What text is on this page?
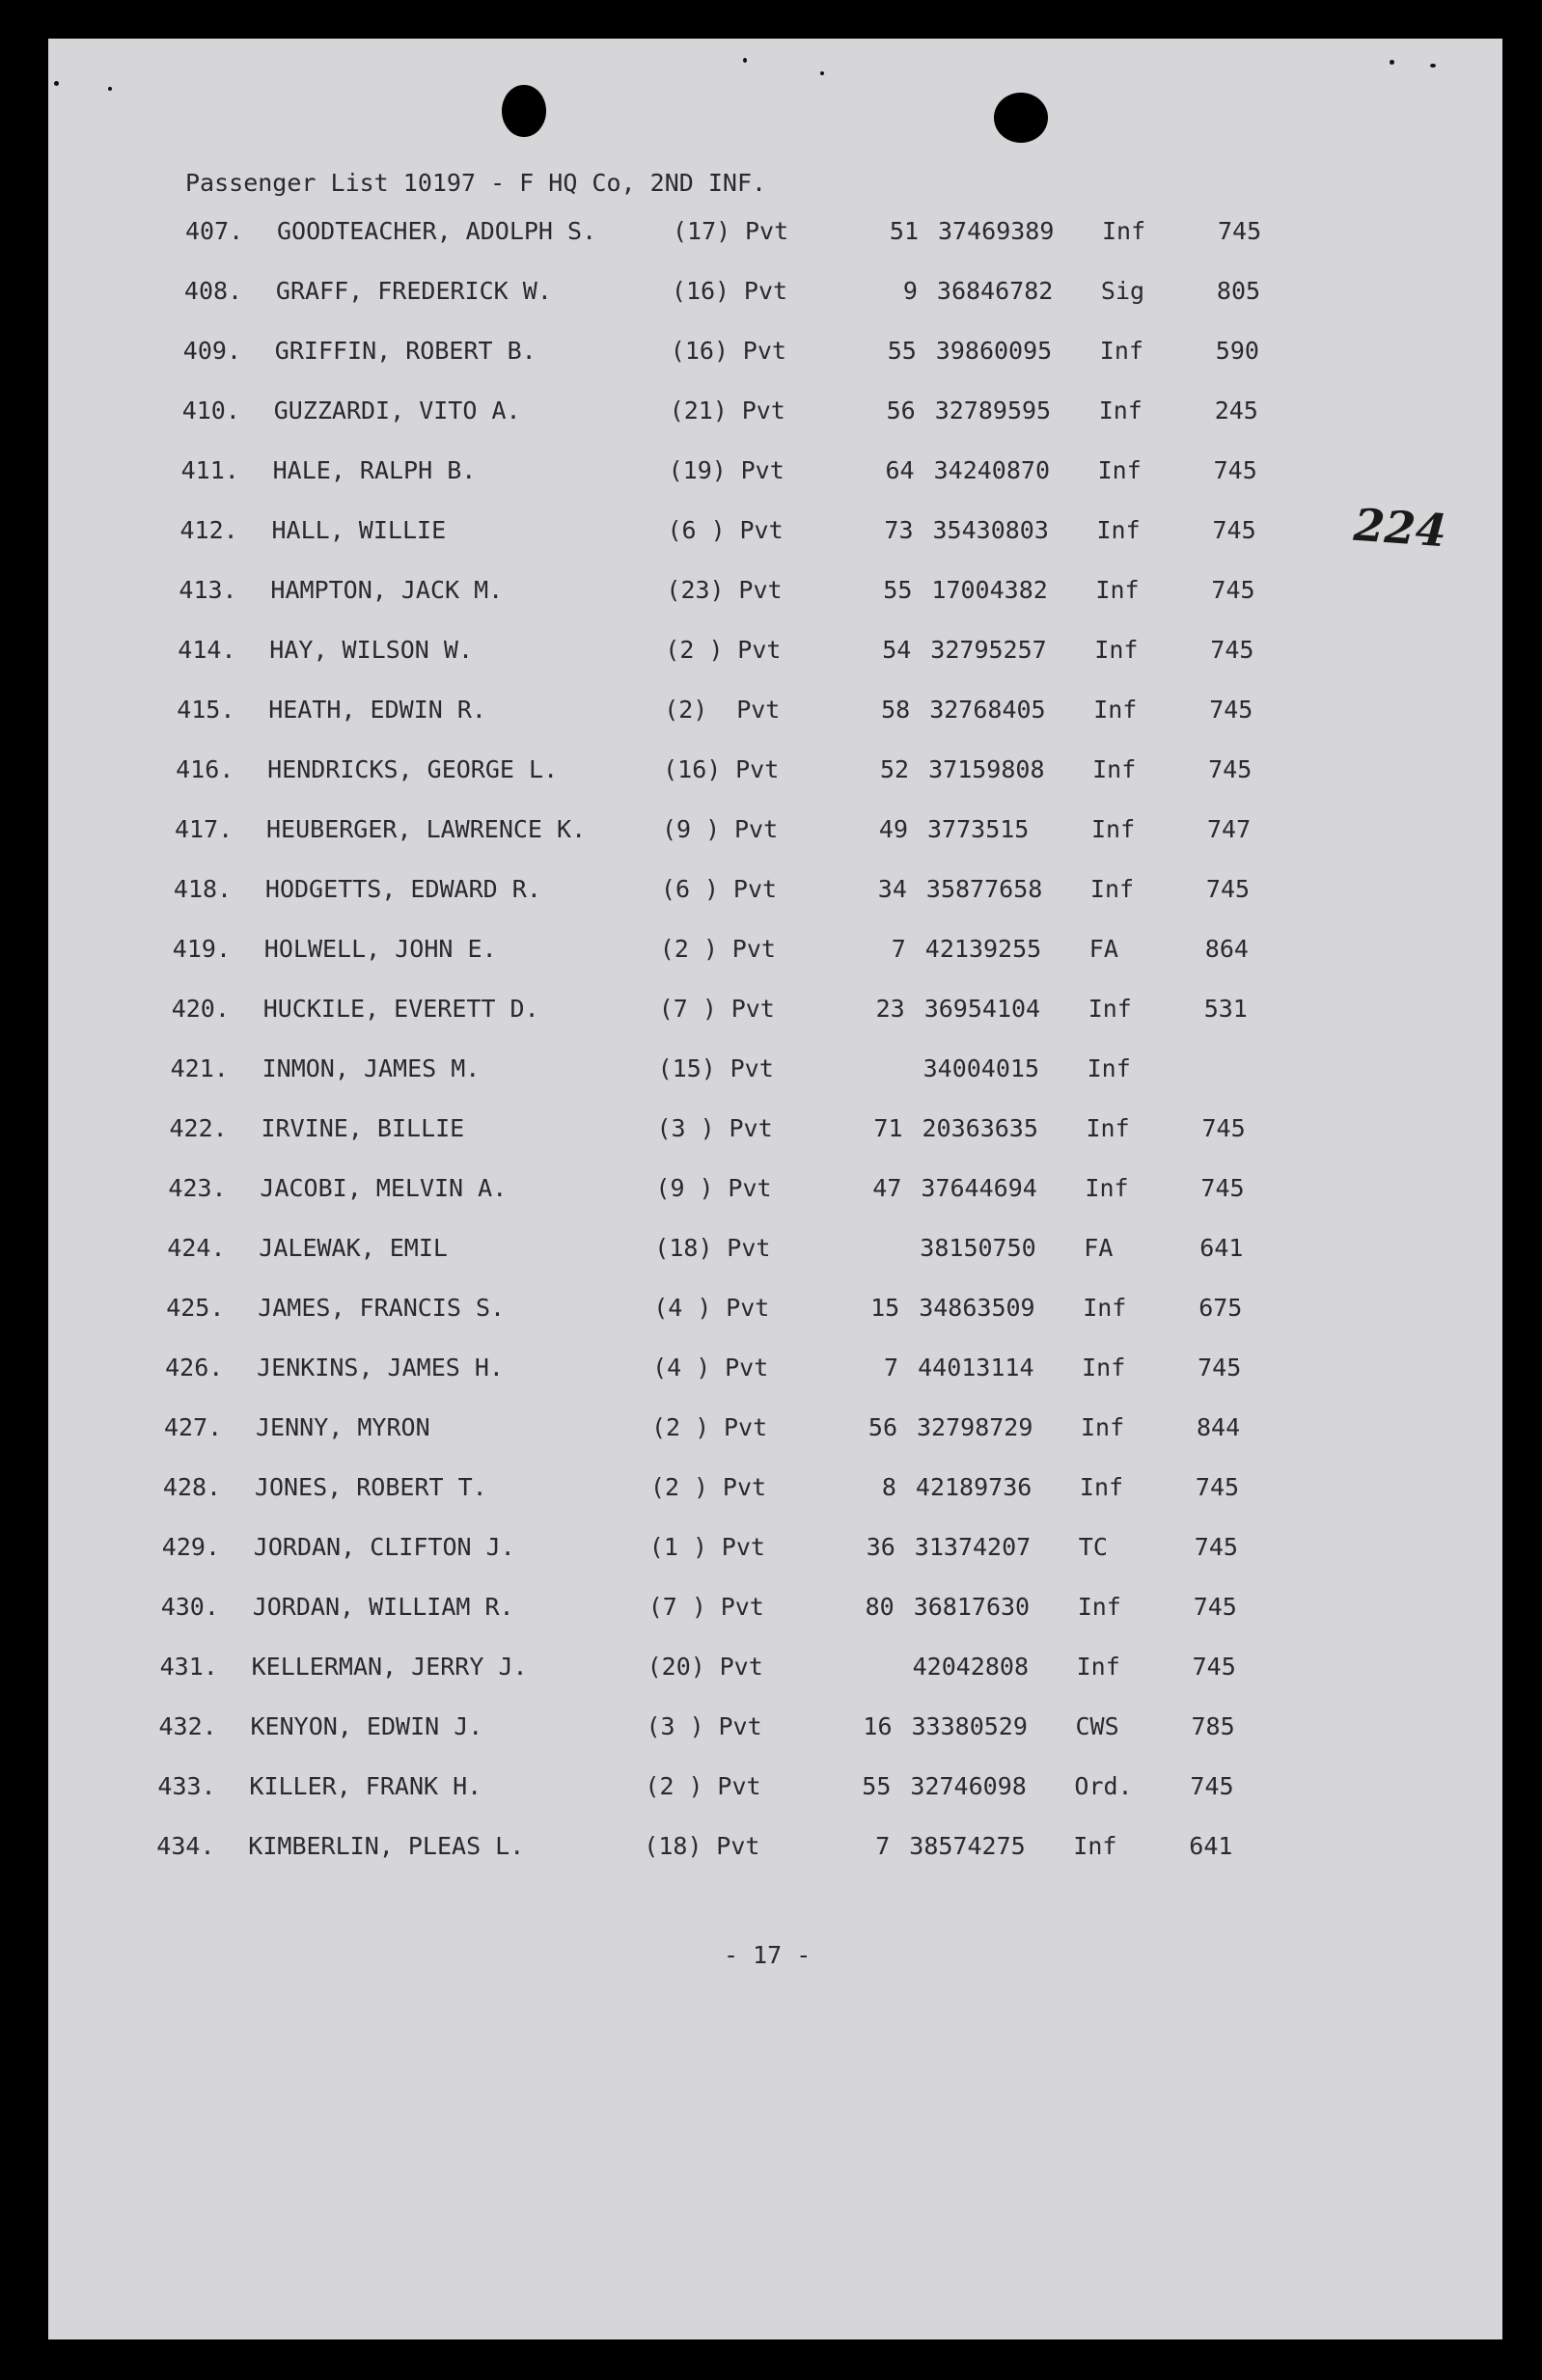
Passenger List 10197 - F HQ Co, 2ND INF.
224
407. GOODTEACHER, ADOLPH S.	(17) Pvt	51 37469389 Inf	745
408. GRAFF, FREDERICK W.	(16) Pvt	9 36846782 Sig	805
409. GRIFFIN, ROBERT B.	(16) Pvt	55 39860095 Inf	590
410. GUZZARDI, VITO A.	(21) Pvt	56 32789595 Inf	245
411. HALE, RALPH B.	(19) Pvt	64 34240870 Inf	745
412. HALL, WILLIE	(6 ) Pvt	73 35430803 Inf	745
413. HAMPTON, JACK M.	(23) Pvt	55 17004382 Inf	745
414. HAY, WILSON W.	(2 ) Pvt	54 32795257 Inf	745
415. HEATH, EDWIN R.	(2) Pvt	58 32768405 Inf	745
416. HENDRICKS, GEORGE L.	(16) Pvt	52 37159808 Inf	745
417. HEUBERGER, LAWRENCE K.	(9 ) Pvt	49 3773515	Inf	747
418. HODGETTS, EDWARD R.	(6 ) Pvt	34 35877658 Inf	745
419. HOLWELL, JOHN E.	(2 ) Pvt	7 42139255 FA	864
420. HUCKILE, EVERETT D.	(7 ) Pvt	23 36954104 Inf	531
421. INMON, JAMES M.	(15) Pvt	34004015 Inf
422. IRVINE, BILLIE	(3 ) Pvt	71 20363635 Inf	745
423. JACOBI, MELVIN A.	(9 ) Pvt	47 37644694 Inf	745
424. JALEWAK, EMIL	(18) Pvt	38150750 FA	641
425. JAMES, FRANCIS S.	(4 ) Pvt	15 34863509 Inf	675
426. JENKINS, JAMES H.	(4 ) Pvt	7 44013114 Inf	745
427. JENNY, MYRON	(2 ) Pvt	56 32798729 Inf	844
428. JONES, ROBERT T.	(2 ) Pvt	8 42189736 Inf	745
429. JORDAN, CLIFTON J.	(1 ) Pvt	36 31374207 TC	745
430. JORDAN, WILLIAM R.	(7 ) Pvt	80 36817630 Inf	745
431. KELLERMAN, JERRY J.	(20) Pvt	42042808 Inf	745
432. KENYON, EDWIN J.	(3 ) Pvt	16 33380529 CWS	785
433. KILLER, FRANK H.	(2 ) Pvt	55 32746098 Ord. 745
434. KIMBERLIN, PLEAS L.	(18) Pvt	7 38574275 Inf	641
- 17 -
